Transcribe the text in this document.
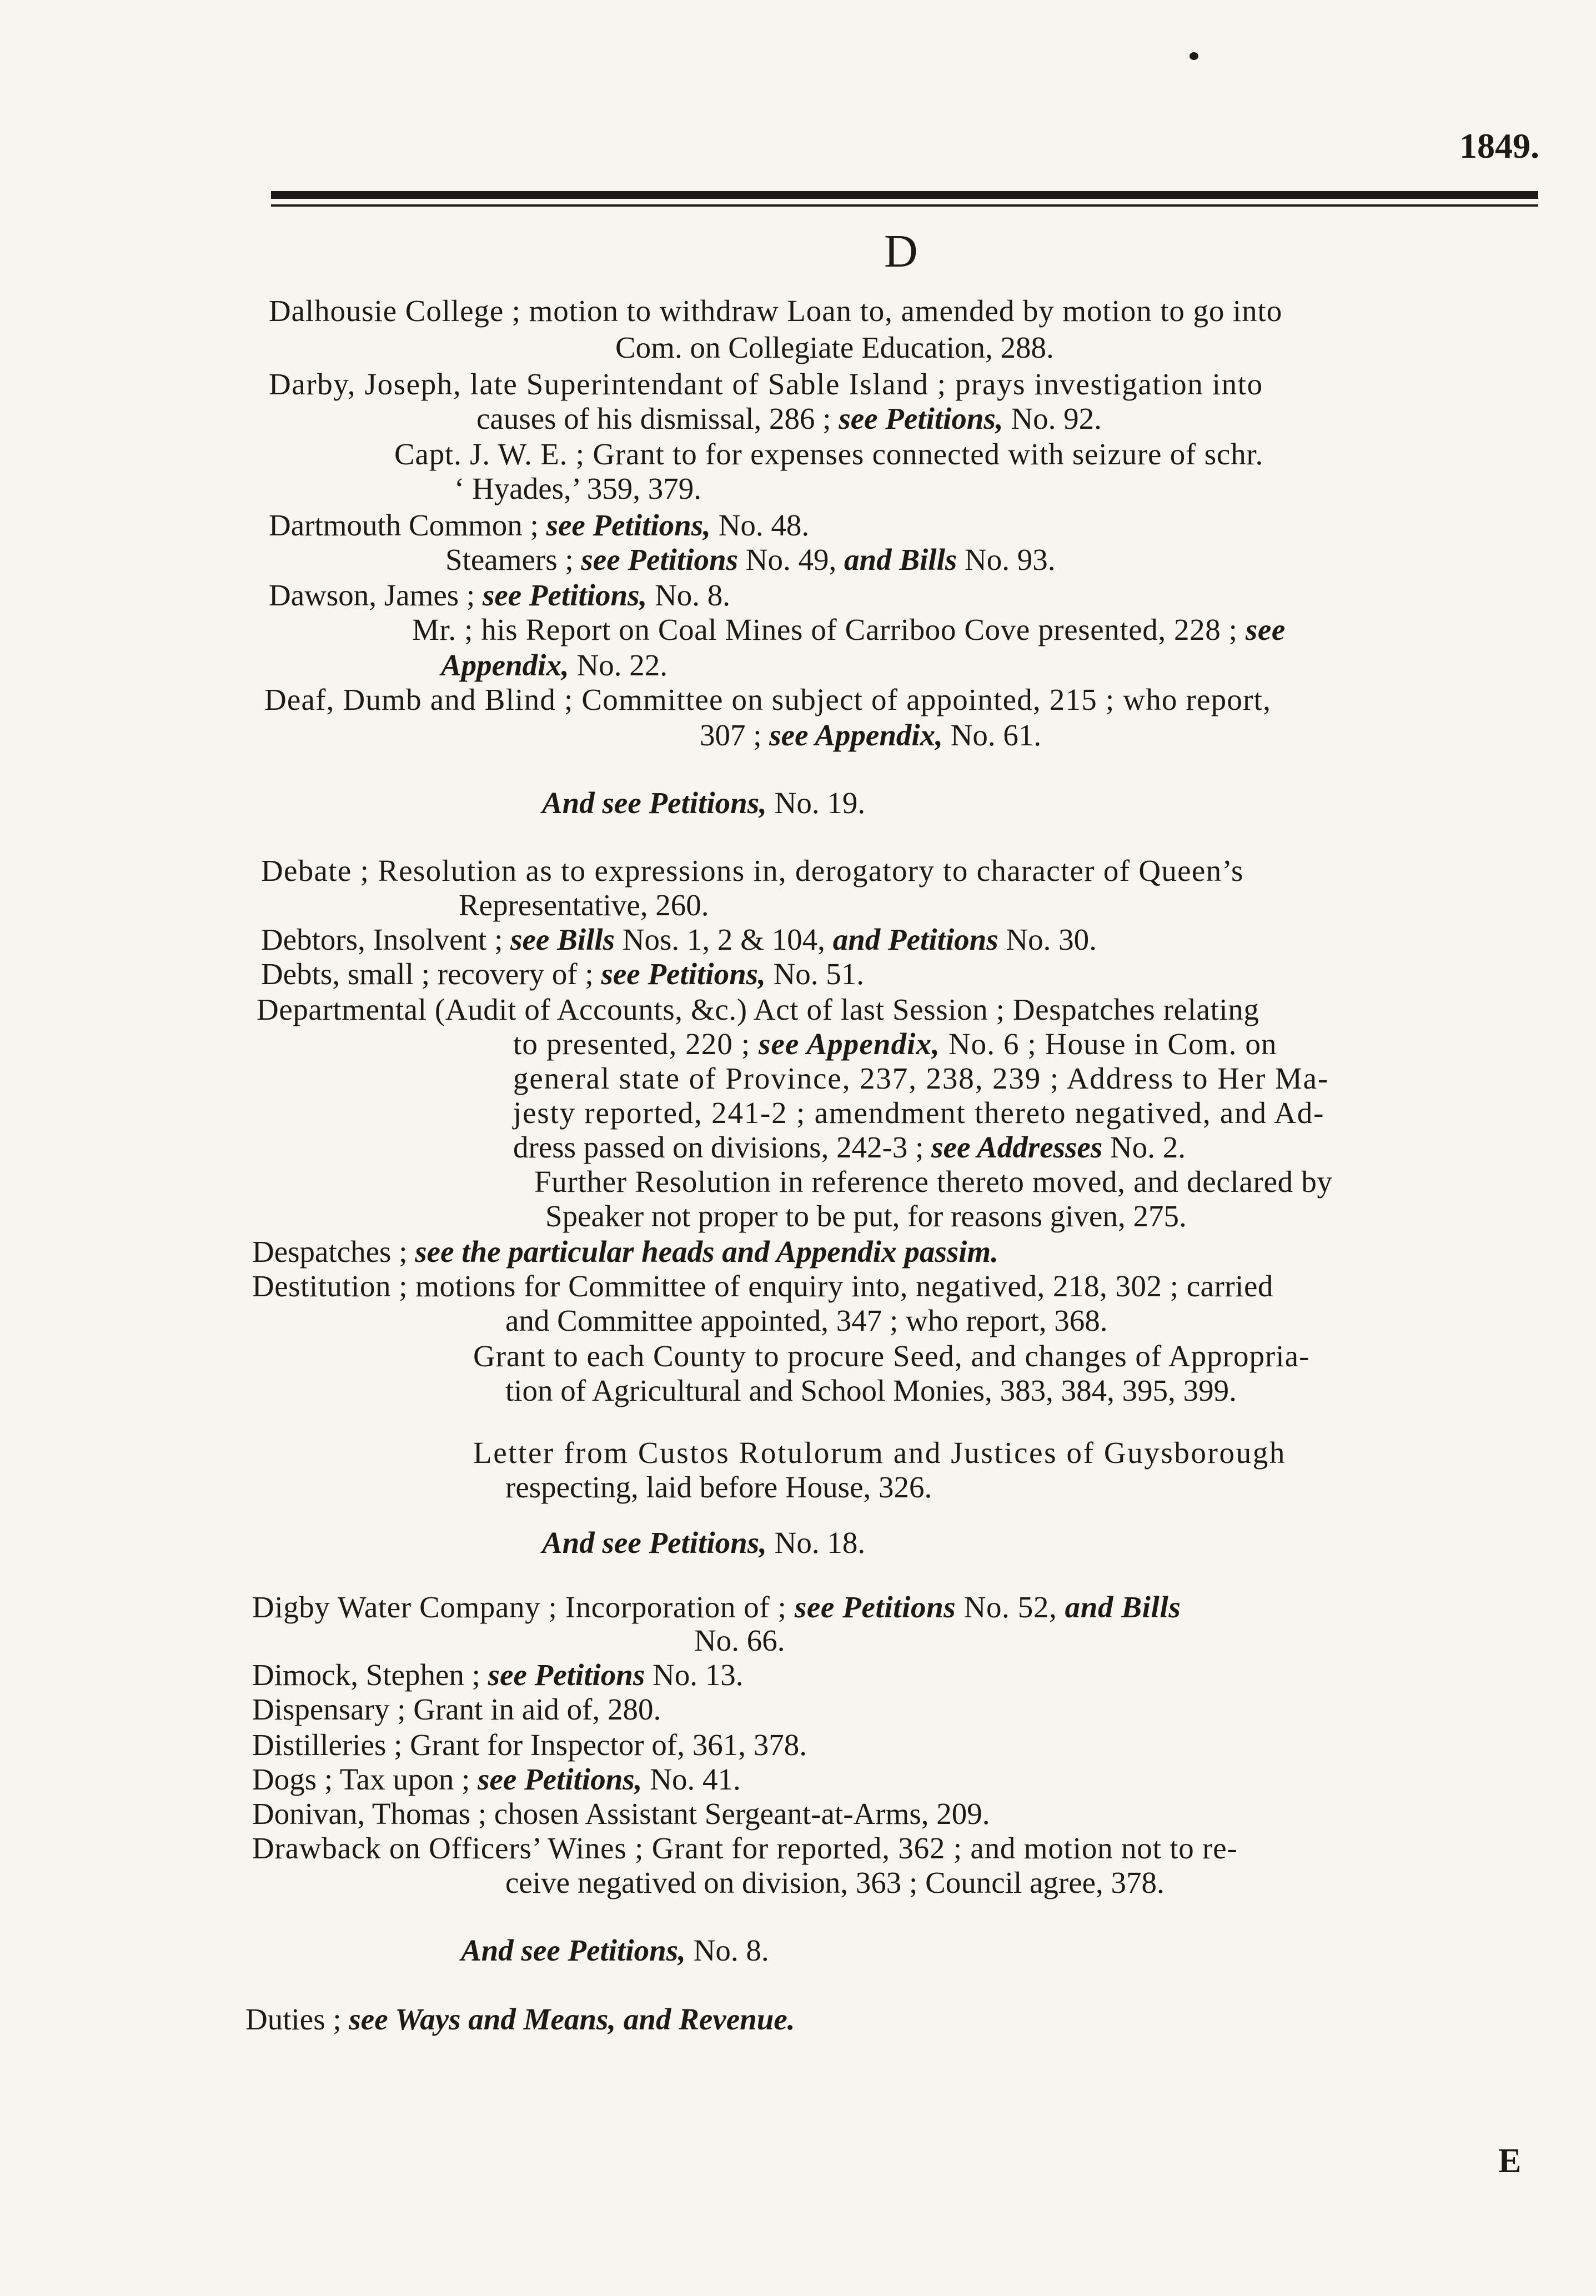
1849.
D
Dalhousie College ; motion to withdraw Loan to, amended by motion to go into
Com. on Collegiate Education, 288.
Darby, Joseph, late Superintendant of Sable Island ; prays investigation into
causes of his dismissal, 286 ; see Petitions, No. 92.
Capt. J. W. E. ; Grant to for expenses connected with seizure of schr.
‘ Hyades,’ 359, 379.
Dartmouth Common ; see Petitions, No. 48.
Steamers ; see Petitions No. 49, and Bills No. 93.
Dawson, James ; see Petitions, No. 8.
Mr. ; his Report on Coal Mines of Carriboo Cove presented, 228 ; see
Appendix, No. 22.
Deaf, Dumb and Blind ; Committee on subject of appointed, 215 ; who report,
307 ; see Appendix, No. 61.
And see Petitions, No. 19.
Debate ; Resolution as to expressions in, derogatory to character of Queen’s
Representative, 260.
Debtors, Insolvent ; see Bills Nos. 1, 2 & 104, and Petitions No. 30.
Debts, small ; recovery of ; see Petitions, No. 51.
Departmental (Audit of Accounts, &c.) Act of last Session ; Despatches relating
to presented, 220 ; see Appendix, No. 6 ; House in Com. on
general state of Province, 237, 238, 239 ; Address to Her Ma-
jesty reported, 241-2 ; amendment thereto negatived, and Ad-
dress passed on divisions, 242-3 ; see Addresses No. 2.
Further Resolution in reference thereto moved, and declared by
Speaker not proper to be put, for reasons given, 275.
Despatches ; see the particular heads and Appendix passim.
Destitution ; motions for Committee of enquiry into, negatived, 218, 302 ; carried
and Committee appointed, 347 ; who report, 368.
Grant to each County to procure Seed, and changes of Appropria-
tion of Agricultural and School Monies, 383, 384, 395, 399.
Letter from Custos Rotulorum and Justices of Guysborough
respecting, laid before House, 326.
And see Petitions, No. 18.
Digby Water Company ; Incorporation of ; see Petitions No. 52, and Bills
No. 66.
Dimock, Stephen ; see Petitions No. 13.
Dispensary ; Grant in aid of, 280.
Distilleries ; Grant for Inspector of, 361, 378.
Dogs ; Tax upon ; see Petitions, No. 41.
Donivan, Thomas ; chosen Assistant Sergeant-at-Arms, 209.
Drawback on Officers’ Wines ; Grant for reported, 362 ; and motion not to re-
ceive negatived on division, 363 ; Council agree, 378.
And see Petitions, No. 8.
Duties ; see Ways and Means, and Revenue.
E
